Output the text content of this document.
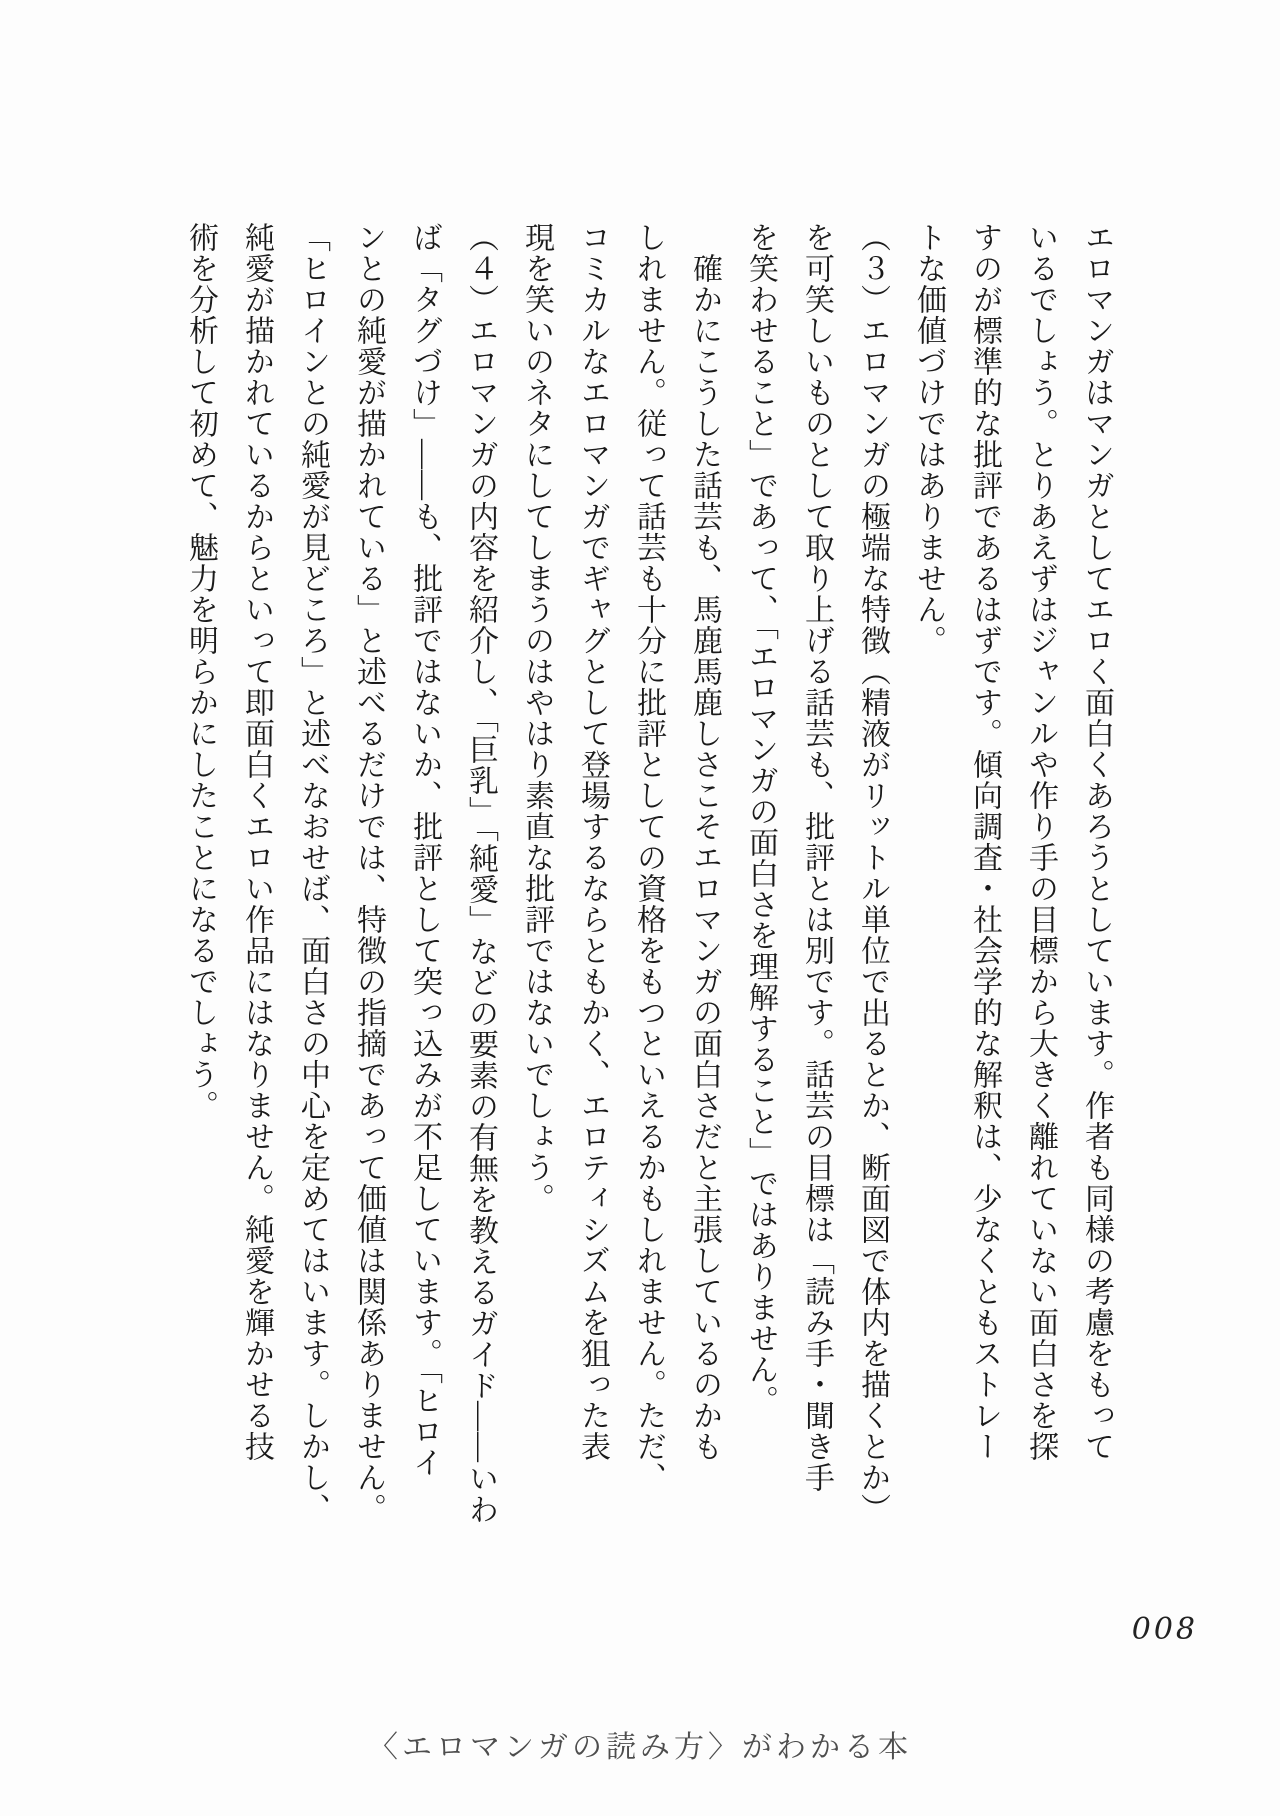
エロマンガはマンガとしてエロく面白くあろうとしています。作者も同様の考慮をもって
いるでしょう。とりあえずはジャンルや作り手の目標から大きく離れていない面白さを探
すのが標準的な批評であるはずです。傾向調査・社会学的な解釈は、少なくともストレー
トな価値づけではありません。
（３）エロマンガの極端な特徴（精液がリットル単位で出るとか、断面図で体内を描くとか）
を可笑しいものとして取り上げる話芸も、批評とは別です。話芸の目標は「読み手・聞き手
を笑わせること」であって、「エロマンガの面白さを理解すること」ではありません。
　確かにこうした話芸も、馬鹿馬鹿しさこそエロマンガの面白さだと主張しているのかも
しれません。従って話芸も十分に批評としての資格をもつといえるかもしれません。ただ、
コミカルなエロマンガでギャグとして登場するならともかく、エロティシズムを狙った表
現を笑いのネタにしてしまうのはやはり素直な批評ではないでしょう。
（４）エロマンガの内容を紹介し、「巨乳」「純愛」などの要素の有無を教えるガイド——いわ
ば「タグづけ」——も、批評ではないか、批評として突っ込みが不足しています。「ヒロイ
ンとの純愛が描かれている」と述べるだけでは、特徴の指摘であって価値は関係ありません。
「ヒロインとの純愛が見どころ」と述べなおせば、面白さの中心を定めてはいます。しかし、
純愛が描かれているからといって即面白くエロい作品にはなりません。純愛を輝かせる技
術を分析して初めて、魅力を明らかにしたことになるでしょう。
〈エロマンガの読み方〉がわかる本
008
